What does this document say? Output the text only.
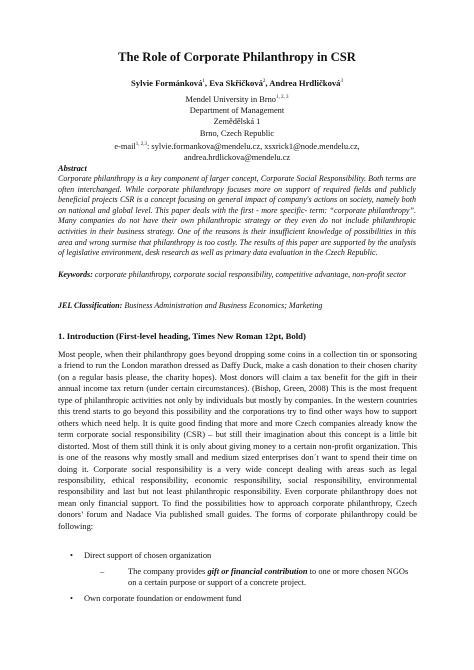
The Role of Corporate Philanthropy in CSR
Sylvie Formánková$^1$, Eva Skřičková$^2$, Andrea Hrdličková$^3$
Mendel University in Brno$^{1, 2, 3}$
Department of Management
Zemědělská 1
Brno, Czech Republic
e-mail$^{1, 2,3}$: sylvie.formankova@mendelu.cz, xsxrick1@node.mendelu.cz,
andrea.hrdlickova@mendelu.cz
Abstract
Corporate philanthropy is a key component of larger concept, Corporate Social Responsibility. Both terms are often interchanged. While corporate philanthropy focuses more on support of required fields and publicly beneficial projects CSR is a concept focusing on general impact of company's actions on society, namely both on national and global level. This paper deals with the first - more specific- term: “corporate philanthropy”. Many companies do not have their own philanthropic strategy or they even do not include philanthropic activities in their business strategy. One of the reasons is their insufficient knowledge of possibilities in this area and wrong surmise that philanthropy is too costly. The results of this paper are supported by the analysis of legislative environment, desk research as well as primary data evaluation in the Czech Republic.
Keywords: corporate philanthropy, corporate social responsibility, competitive advantage, non-profit sector
JEL Classification: Business Administration and Business Economics; Marketing
1. Introduction (First-level heading, Times New Roman 12pt, Bold)
Most people, when their philanthropy goes beyond dropping some coins in a collection tin or sponsoring a friend to run the London marathon dressed as Daffy Duck, make a cash donation to their chosen charity (on a regular basis please, the charity hopes). Most donors will claim a tax benefit for the gift in their annual income tax return (under certain circumstances). (Bishop, Green, 2008) This is the most frequent type of philanthropic activities not only by individuals but mostly by companies. In the western countries this trend starts to go beyond this possibility and the corporations try to find other ways how to support others which need help. It is quite good finding that more and more Czech companies already know the term corporate social responsibility (CSR) – but still their imagination about this concept is a little bit distorted. Most of them still think it is only about giving money to a certain non-profit organization. This is one of the reasons why mostly small and medium sized enterprises don´t want to spend their time on doing it. Corporate social responsibility is a very wide concept dealing with areas such as legal responsibility, ethical responsibility, economic responsibility, social responsibility, environmental responsibility and last but not least philanthropic responsibility. Even corporate philanthropy does not mean only financial support. To find the possibilities how to approach corporate philanthropy, Czech donors’ forum and Nadace Via published small guides. The forms of corporate philanthropy could be following:
• Direct support of chosen organization
–	The company provides gift or financial contribution to one or more chosen NGOs on a certain purpose or support of a concrete project.
• Own corporate foundation or endowment fund
